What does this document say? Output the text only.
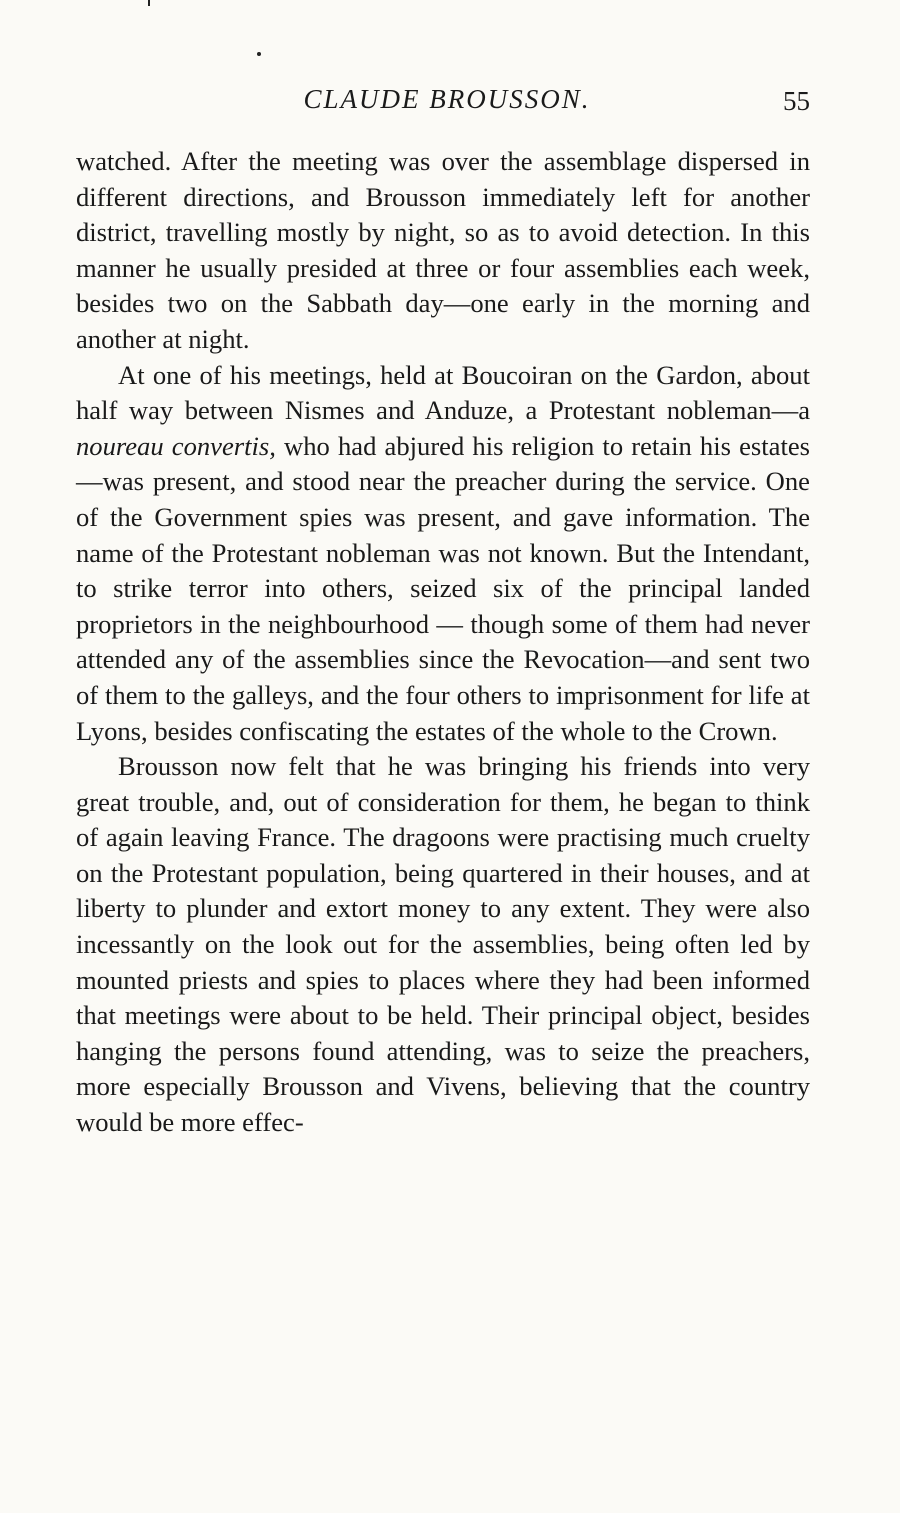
CLAUDE BROUSSON.	55

watched. After the meeting was over the assemblage dispersed in different directions, and Brousson immediately left for another district, travelling mostly by night, so as to avoid detection. In this manner he usually presided at three or four assemblies each week, besides two on the Sabbath day—one early in the morning and another at night.

At one of his meetings, held at Boucoiran on the Gardon, about half way between Nismes and Anduze, a Protestant nobleman—a noureau convertis, who had abjured his religion to retain his estates—was present, and stood near the preacher during the service. One of the Government spies was present, and gave information. The name of the Protestant nobleman was not known. But the Intendant, to strike terror into others, seized six of the principal landed proprietors in the neighbourhood — though some of them had never attended any of the assemblies since the Revocation—and sent two of them to the galleys, and the four others to imprisonment for life at Lyons, besides confiscating the estates of the whole to the Crown.

Brousson now felt that he was bringing his friends into very great trouble, and, out of consideration for them, he began to think of again leaving France. The dragoons were practising much cruelty on the Protestant population, being quartered in their houses, and at liberty to plunder and extort money to any extent. They were also incessantly on the look out for the assemblies, being often led by mounted priests and spies to places where they had been informed that meetings were about to be held. Their principal object, besides hanging the persons found attending, was to seize the preachers, more especially Brousson and Vivens, believing that the country would be more effec-
